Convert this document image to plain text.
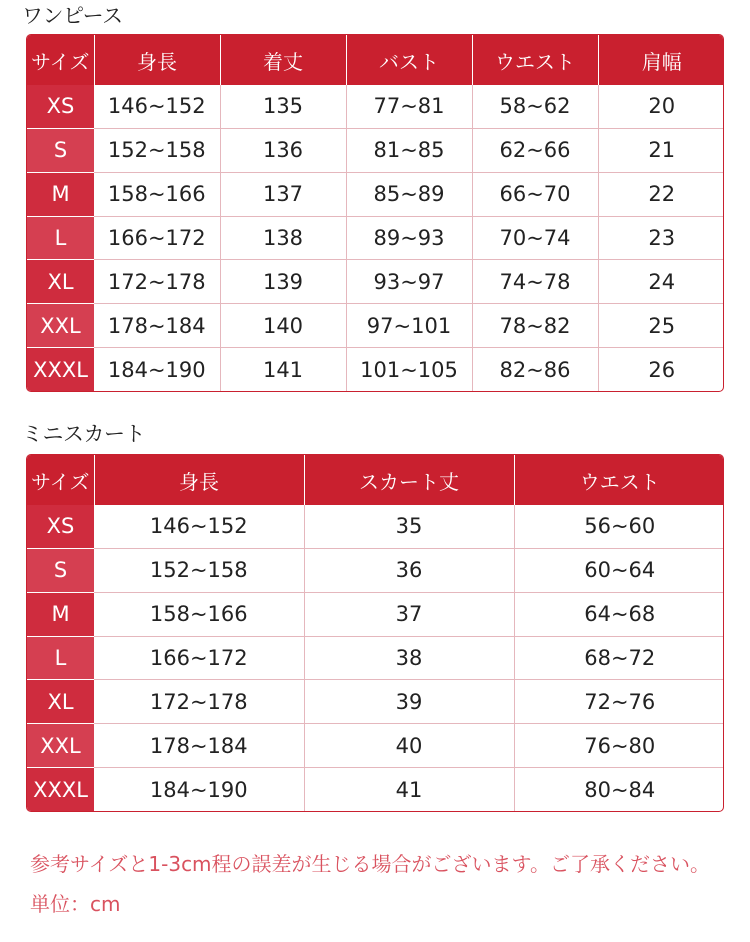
ワンピース
サイズ	身長	着丈	バスト	ウエスト	肩幅
XS	146~152	135	77~81	58~62	20
S	152~158	136	81~85	62~66	21
M	158~166	137	85~89	66~70	22
L	166~172	138	89~93	70~74	23
XL	172~178	139	93~97	74~78	24
XXL	178~184	140	97~101	78~82	25
XXXL	184~190	141	101~105	82~86	26
ミニスカート
サイズ	身長	スカート丈	ウエスト
XS	146~152	35	56~60
S	152~158	36	60~64
M	158~166	37	64~68
L	166~172	38	68~72
XL	172~178	39	72~76
XXL	178~184	40	76~80
XXXL	184~190	41	80~84
参考サイズと1-3cm程の誤差が生じる場合がございます。ご了承ください。
単位：cm
